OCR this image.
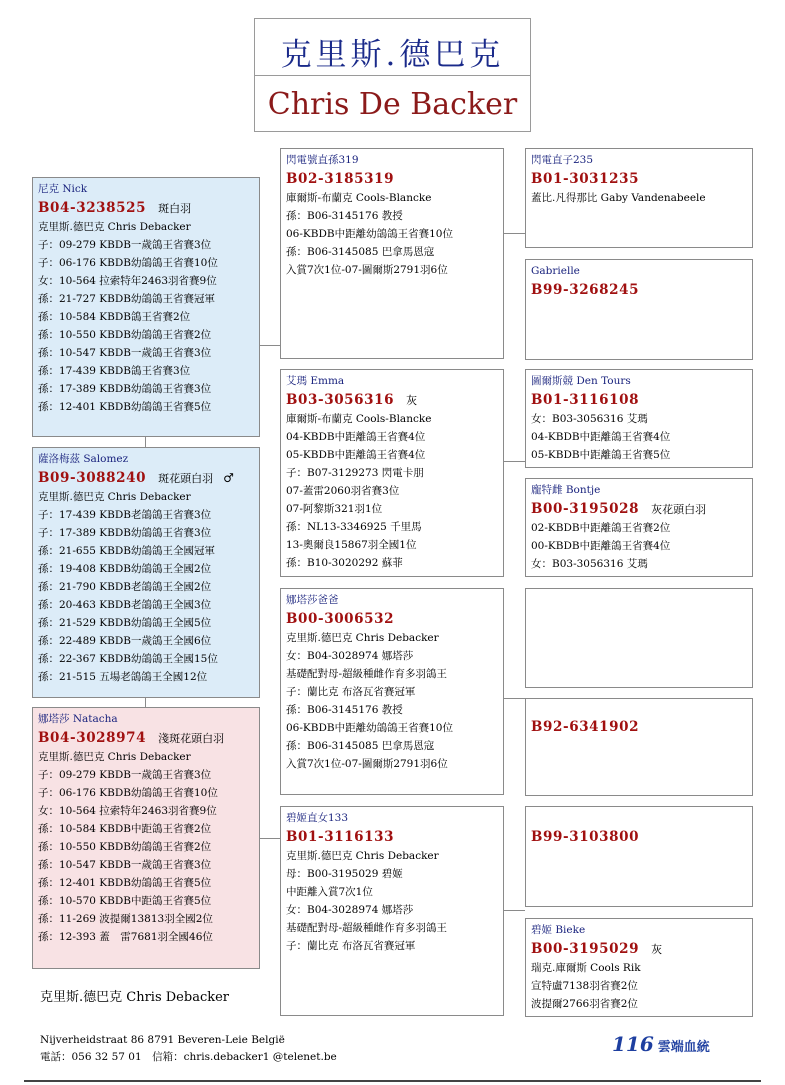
克里斯.德巴克
Chris De Backer
尼克 Nick
B04-3238525 斑白羽
克里斯.德巴克 Chris Debacker
子：09-279 KBDB一歲鴿王省賽3位
子：06-176 KBDB幼鴿鴿王省賽10位
女：10-564 拉索特年2463羽省賽9位
孫：21-727 KBDB幼鴿鴿王省賽冠軍
孫：10-584 KBDB鴿王省賽2位
孫：10-550 KBDB幼鴿鴿王省賽2位
孫：10-547 KBDB一歲鴿王省賽3位
孫：17-439 KBDB鴿王省賽3位
孫：17-389 KBDB幼鴿鴿王省賽3位
孫：12-401 KBDB幼鴿鴿王省賽5位
薩洛梅茲 Salomez
B09-3088240 斑花頭白羽 ♂
克里斯.德巴克 Chris Debacker
子：17-439 KBDB老鴿鴿王省賽3位
子：17-389 KBDB幼鴿鴿王省賽3位
孫：21-655 KBDB幼鴿鴿王全國冠軍
孫：19-408 KBDB幼鴿鴿王全國2位
孫：21-790 KBDB老鴿鴿王全國2位
孫：20-463 KBDB老鴿鴿王全國3位
孫：21-529 KBDB幼鴿鴿王全國5位
孫：22-489 KBDB一歲鴿王全國6位
孫：22-367 KBDB幼鴿鴿王全國15位
孫：21-515 五場老鴿鴿王全國12位
娜塔莎 Natacha
B04-3028974 淺斑花頭白羽
克里斯.德巴克 Chris Debacker
子：09-279 KBDB一歲鴿王省賽3位
子：06-176 KBDB幼鴿鴿王省賽10位
女：10-564 拉索特年2463羽省賽9位
孫：10-584 KBDB中距鴿王省賽2位
孫：10-550 KBDB幼鴿鴿王省賽2位
孫：10-547 KBDB一歲鴿王省賽3位
孫：12-401 KBDB幼鴿鴿王省賽5位
孫：10-570 KBDB中距鴿王省賽5位
孫：11-269 波提爾13813羽全國2位
孫：12-393 蓋　雷7681羽全國46位
閃電號直孫319
B02-3185319
庫爾斯-布蘭克 Cools-Blancke
孫：B06-3145176 教授
06-KBDB中距離幼鴿鴿王省賽10位
孫：B06-3145085 巴拿馬恩寇
入賞7次1位-07-圖爾斯2791羽6位
艾瑪 Emma
B03-3056316 灰
庫爾斯-布蘭克 Cools-Blancke
04-KBDB中距離鴿王省賽4位
05-KBDB中距離鴿王省賽4位
子：B07-3129273 閃電卡朋
07-蓋雷2060羽省賽3位
07-阿黎斯321羽1位
孫：NL13-3346925 千里馬
13-奧爾良15867羽全國1位
孫：B10-3020292 蘇菲
娜塔莎爸爸
B00-3006532
克里斯.德巴克 Chris Debacker
女：B04-3028974 娜塔莎
基礎配對母-超級種雌作育多羽鴿王
子：蘭比克 布洛瓦省賽冠軍
孫：B06-3145176 教授
06-KBDB中距離幼鴿鴿王省賽10位
孫：B06-3145085 巴拿馬恩寇
入賞7次1位-07-圖爾斯2791羽6位
碧姬直女133
B01-3116133
克里斯.德巴克 Chris Debacker
母：B00-3195029 碧姬
中距離入賞7次1位
女：B04-3028974 娜塔莎
基礎配對母-超級種雌作育多羽鴿王
子：蘭比克 布洛瓦省賽冠軍
閃電直子235
B01-3031235
蓋比.凡得那比 Gaby Vandenabeele
Gabrielle
B99-3268245
圖爾斯競 Den Tours
B01-3116108
女：B03-3056316 艾瑪
04-KBDB中距離鴿王省賽4位
05-KBDB中距離鴿王省賽5位
龐特雌 Bontje
B00-3195028 灰花頭白羽
02-KBDB中距離鴿王省賽2位
00-KBDB中距離鴿王省賽4位
女：B03-3056316 艾瑪
B92-6341902
B99-3103800
碧姬 Bieke
B00-3195029 灰
瑞克.庫爾斯 Cools Rik
宣特盧7138羽省賽2位
波提爾2766羽省賽2位
克里斯.德巴克 Chris Debacker
Nijverheidstraat 86 8791 Beveren-Leie België
電話：056 32 57 01　信箱：chris.debacker1 @telenet.be
116 雲端血統
